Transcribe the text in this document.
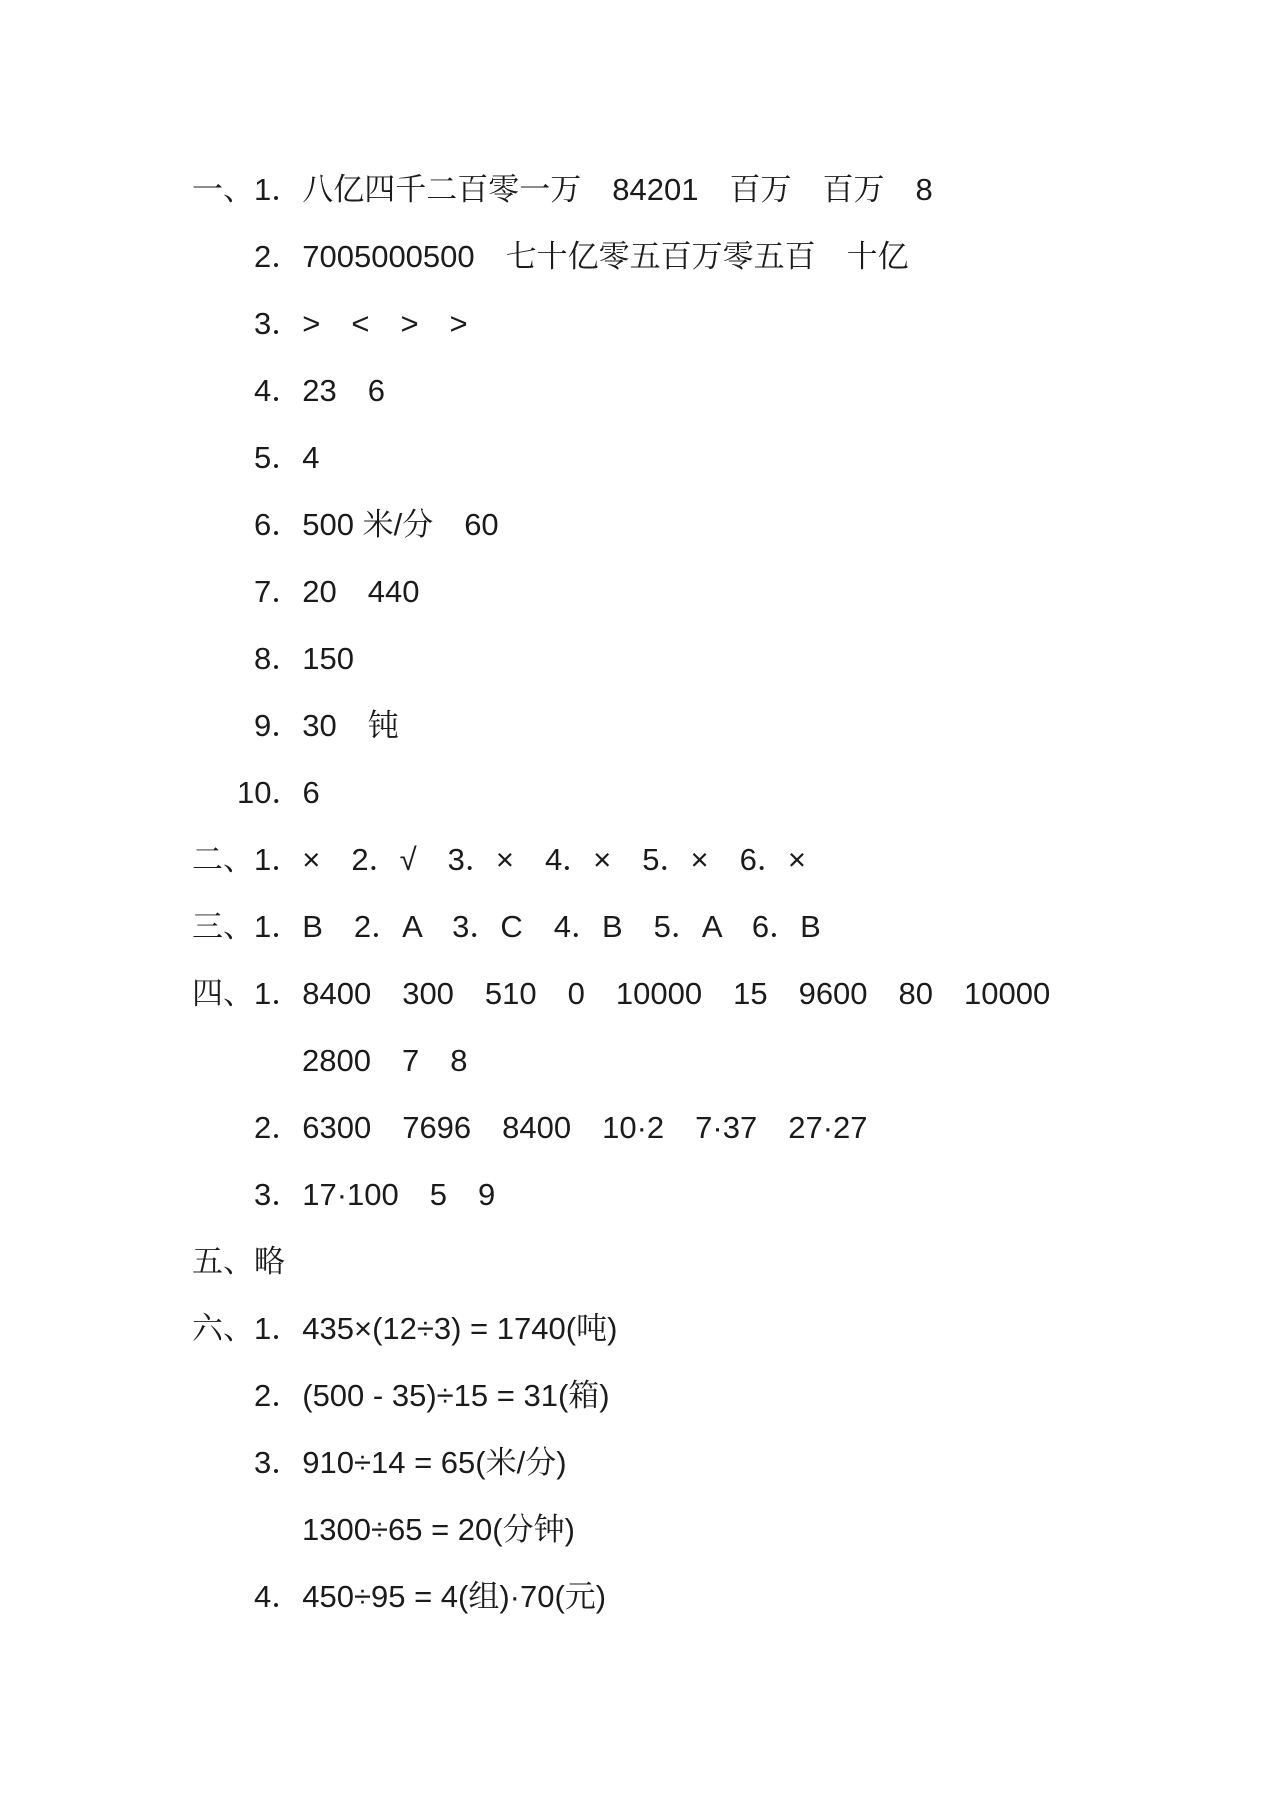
一、1．八亿四千二百零一万　84201　百万　百万　8
2．7005000500　七十亿零五百万零五百　十亿
3．>　<　>　>
4．23　6
5．4
6．500 米/分　60
7．20　440
8．150
9．30　钝
10．6
二、1．×　2．√　3．×　4．×　5．×　6．×
三、1．B　2．A　3．C　4．B　5．A　6．B
四、1．8400　300　510　0　10000　15　9600　80　10000
2800　7　8
2．6300　7696　8400　10·2　7·37　27·27
3．17·100　5　9
五、略
六、1．435×(12÷3) = 1740(吨)
2．(500 - 35)÷15 = 31(箱)
3．910÷14 = 65(米/分)
1300÷65 = 20(分钟)
4．450÷95 = 4(组)·70(元)
